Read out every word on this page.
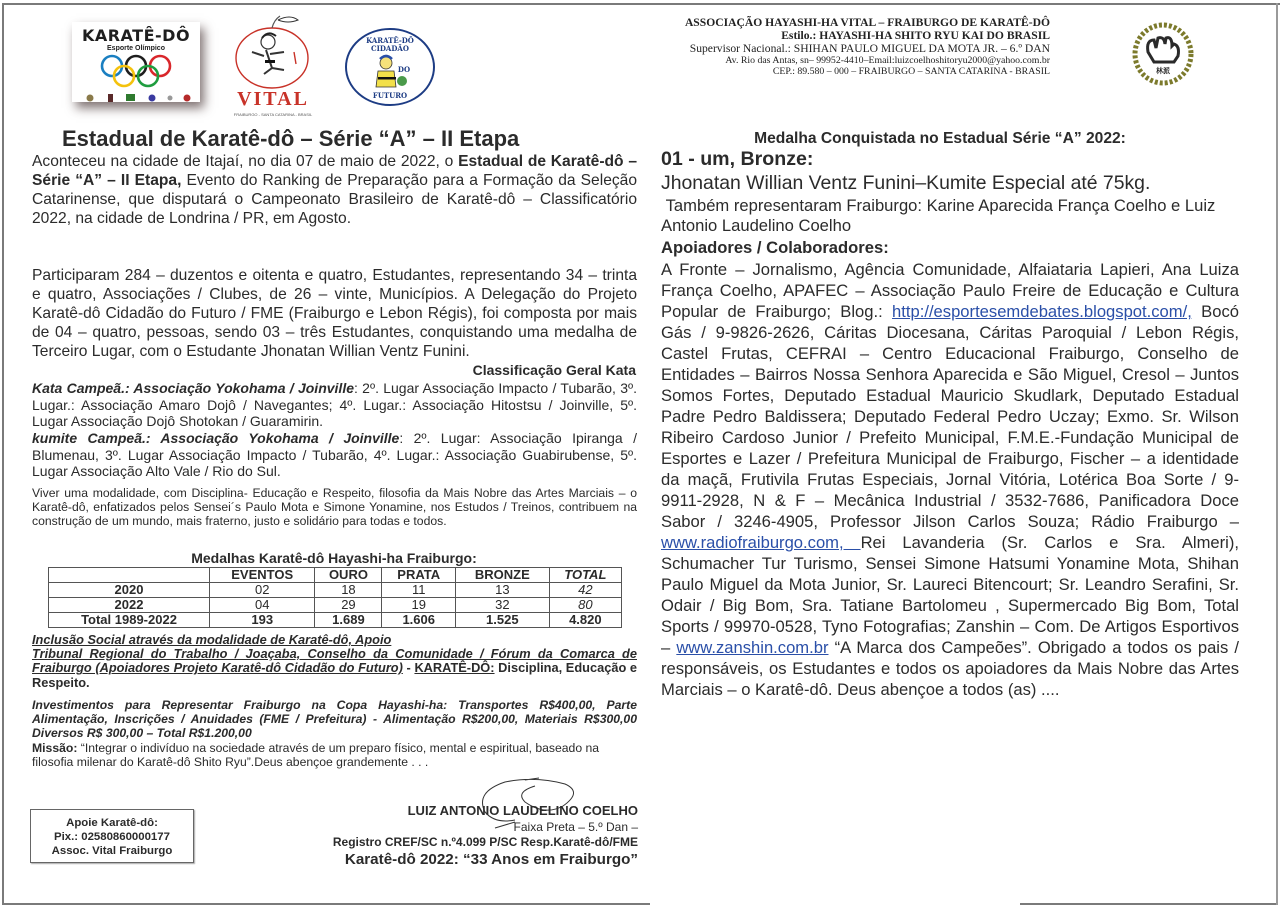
KARATÊ-DÔ
Esporte Olímpico
VITAL
FRAIBURGO - SANTA CATARINA - BRASIL
KARATÊ-DÔ
CIDADÃO
DO
FUTURO
ASSOCIAÇÃO HAYASHI-HA VITAL – FRAIBURGO DE KARATÊ-DÔ
Estilo.: HAYASHI-HA SHITO RYU KAI DO BRASIL
Supervisor Nacional.: SHIHAN PAULO MIGUEL DA MOTA JR. – 6.º DAN
Av. Rio das Antas, sn– 99952-4410–Email:luizcoelhoshitoryu2000@yahoo.com.br
CEP.: 89.580 – 000 – FRAIBURGO – SANTA CATARINA - BRASIL	林派
Estadual de Karatê-dô – Série “A” – II Etapa
Aconteceu na cidade de Itajaí, no dia 07 de maio de 2022, o Estadual de Karatê-dô – Série “A” – II Etapa, Evento do Ranking de Preparação para a Formação da Seleção Catarinense, que disputará o Campeonato Brasileiro de Karatê-dô – Classificatório 2022, na cidade de Londrina / PR, em Agosto.
Participaram 284 – duzentos e oitenta e quatro, Estudantes, representando 34 – trinta e quatro, Associações / Clubes, de 26 – vinte, Municípios. A Delegação do Projeto Karatê-dô Cidadão do Futuro / FME (Fraiburgo e Lebon Régis), foi composta por mais de 04 – quatro, pessoas, sendo 03 – três Estudantes, conquistando uma medalha de Terceiro Lugar, com o Estudante Jhonatan Willian Ventz Funini.
Classificação Geral Kata
Kata Campeã.: Associação Yokohama / Joinville: 2º. Lugar Associação Impacto / Tubarão, 3º. Lugar.: Associação Amaro Dojô / Navegantes; 4º. Lugar.: Associação Hitostsu / Joinville, 5º. Lugar Associação Dojô Shotokan / Guaramirin.
kumite Campeã.: Associação Yokohama / Joinville: 2º. Lugar: Associação Ipiranga / Blumenau, 3º. Lugar Associação Impacto / Tubarão, 4º. Lugar.: Associação Guabirubense, 5º. Lugar Associação Alto Vale / Rio do Sul.
Viver uma modalidade, com Disciplina- Educação e Respeito, filosofia da Mais Nobre das Artes Marciais – o Karatê-dô, enfatizados pelos Sensei´s Paulo Mota e Simone Yonamine, nos Estudos / Treinos, contribuem na construção de um mundo, mais fraterno, justo e solidário para todas e todos.
Medalhas Karatê-dô Hayashi-ha Fraiburgo:
	EVENTOS	OURO	PRATA	BRONZE	TOTAL
2020	02	18	11	13	42
2022	04	29	19	32	80
Total 1989-2022	193	1.689	1.606	1.525	4.820
Inclusão Social através da modalidade de Karatê-dô, Apoio
Tribunal Regional do Trabalho / Joaçaba, Conselho da Comunidade / Fórum da Comarca de Fraiburgo (Apoiadores Projeto Karatê-dô Cidadão do Futuro) - KARATÊ-DÔ: Disciplina, Educação e Respeito.
Investimentos para Representar Fraiburgo na Copa Hayashi-ha: Transportes R$400,00, Parte Alimentação, Inscrições / Anuidades (FME / Prefeitura) - Alimentação R$200,00, Materiais R$300,00 Diversos R$ 300,00 – Total R$1.200,00
Missão: “Integrar o indivíduo na sociedade através de um preparo físico, mental e espiritual, baseado na filosofia milenar do Karatê-dô Shito Ryu”.Deus abençoe grandemente . . .
Apoie Karatê-dô:
Pix.: 02580860000177
Assoc. Vital Fraiburgo
LUIZ ANTONIO LAUDELINO COELHO
Faixa Preta – 5.º Dan –
Registro CREF/SC n.º4.099 P/SC Resp.Karatê-dô/FME
Karatê-dô 2022: “33 Anos em Fraiburgo”
Medalha Conquistada no Estadual Série “A” 2022:
01 - um, Bronze:
Jhonatan Willian Ventz Funini–Kumite Especial até 75kg.
Também representaram Fraiburgo: Karine Aparecida França Coelho e Luiz Antonio Laudelino Coelho
Apoiadores / Colaboradores:
A Fronte – Jornalismo, Agência Comunidade, Alfaiataria Lapieri, Ana Luiza França Coelho, APAFEC – Associação Paulo Freire de Educação e Cultura Popular de Fraiburgo; Blog.: http://esportesemdebates.blogspot.com/, Bocó Gás / 9-9826-2626, Cáritas Diocesana, Cáritas Paroquial / Lebon Régis, Castel Frutas, CEFRAI – Centro Educacional Fraiburgo, Conselho de Entidades – Bairros Nossa Senhora Aparecida e São Miguel, Cresol – Juntos Somos Fortes, Deputado Estadual Mauricio Skudlark, Deputado Estadual Padre Pedro Baldissera; Deputado Federal Pedro Uczay; Exmo. Sr. Wilson Ribeiro Cardoso Junior / Prefeito Municipal, F.M.E.-Fundação Municipal de Esportes e Lazer / Prefeitura Municipal de Fraiburgo, Fischer – a identidade da maçã, Frutivila Frutas Especiais, Jornal Vitória, Lotérica Boa Sorte / 9-9911-2928, N & F – Mecânica Industrial / 3532-7686, Panificadora Doce Sabor / 3246-4905, Professor Jilson Carlos Souza; Rádio Fraiburgo – www.radiofraiburgo.com, Rei Lavanderia (Sr. Carlos e Sra. Almeri), Schumacher Tur Turismo, Sensei Simone Hatsumi Yonamine Mota, Shihan Paulo Miguel da Mota Junior, Sr. Laureci Bitencourt; Sr. Leandro Serafini, Sr. Odair / Big Bom, Sra. Tatiane Bartolomeu , Supermercado Big Bom, Total Sports / 99970-0528, Tyno Fotografias; Zanshin – Com. De Artigos Esportivos – www.zanshin.com.br “A Marca dos Campeões”. Obrigado a todos os pais / responsáveis, os Estudantes e todos os apoiadores da Mais Nobre das Artes Marciais – o Karatê-dô. Deus abençoe a todos (as) ....
